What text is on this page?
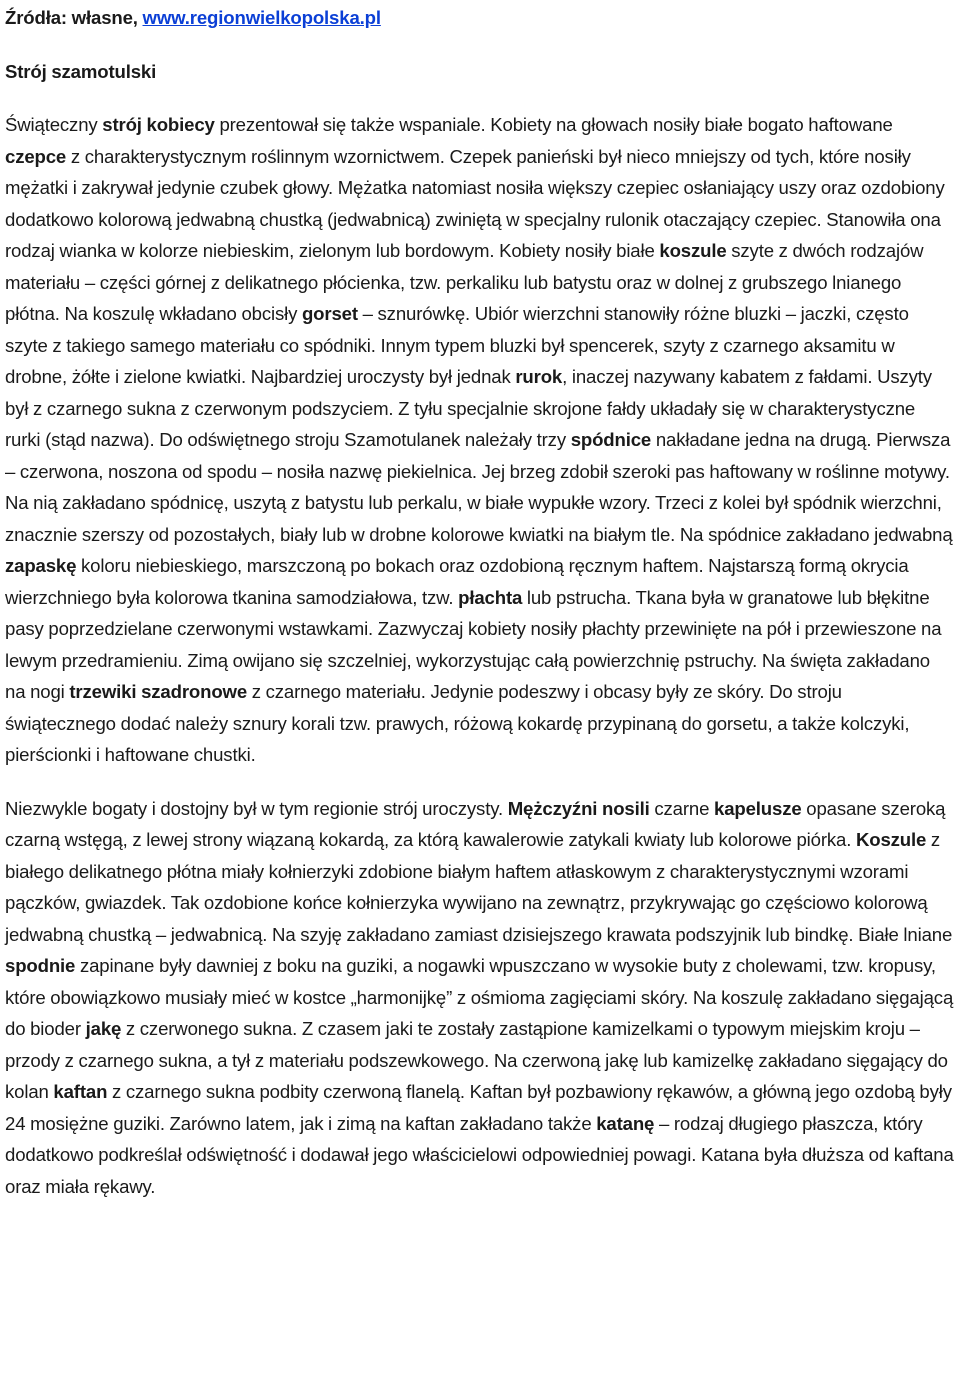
Źródła: własne, www.regionwielkopolska.pl

Strój szamotulski

Świąteczny strój kobiecy prezentował się także wspaniale. Kobiety na głowach nosiły białe bogato haftowane czepce z charakterystycznym roślinnym wzornictwem. Czepek panieński był nieco mniejszy od tych, które nosiły mężatki i zakrywał jedynie czubek głowy. Mężatka natomiast nosiła większy czepiec osłaniający uszy oraz ozdobiony dodatkowo kolorową jedwabną chustką (jedwabnicą) zwiniętą w specjalny rulonik otaczający czepiec. Stanowiła ona rodzaj wianka w kolorze niebieskim, zielonym lub bordowym. Kobiety nosiły białe koszule szyte z dwóch rodzajów materiału – części górnej z delikatnego płócienka, tzw. perkaliku lub batystu oraz w dolnej z grubszego lnianego płótna. Na koszulę wkładano obcisły gorset – sznurówkę. Ubiór wierzchni stanowiły różne bluzki – jaczki, często szyte z takiego samego materiału co spódniki. Innym typem bluzki był spencerek, szyty z czarnego aksamitu w drobne, żółte i zielone kwiatki. Najbardziej uroczysty był jednak rurok, inaczej nazywany kabatem z fałdami. Uszyty był z czarnego sukna z czerwonym podszyciem. Z tyłu specjalnie skrojone fałdy układały się w charakterystyczne rurki (stąd nazwa). Do odświętnego stroju Szamotulanek należały trzy spódnice nakładane jedna na drugą. Pierwsza – czerwona, noszona od spodu – nosiła nazwę piekielnica. Jej brzeg zdobił szeroki pas haftowany w roślinne motywy. Na nią zakładano spódnicę, uszytą z batystu lub perkalu, w białe wypukłe wzory. Trzeci z kolei był spódnik wierzchni, znacznie szerszy od pozostałych, biały lub w drobne kolorowe kwiatki na białym tle. Na spódnice zakładano jedwabną zapaskę koloru niebieskiego, marszczoną po bokach oraz ozdobioną ręcznym haftem. Najstarszą formą okrycia wierzchniego była kolorowa tkanina samodziałowa, tzw. płachta lub pstrucha. Tkana była w granatowe lub błękitne pasy poprzedzielane czerwonymi wstawkami. Zazwyczaj kobiety nosiły płachty przewinięte na pół i przewieszone na lewym przedramieniu. Zimą owijano się szczelniej, wykorzystując całą powierzchnię pstruchy. Na święta zakładano na nogi trzewiki szadronowe z czarnego materiału. Jedynie podeszwy i obcasy były ze skóry. Do stroju świątecznego dodać należy sznury korali tzw. prawych, różową kokardę przypinaną do gorsetu, a także kolczyki, pierścionki i haftowane chustki.

Niezwykle bogaty i dostojny był w tym regionie strój uroczysty. Mężczyźni nosili czarne kapelusze opasane szeroką czarną wstęgą, z lewej strony wiązaną kokardą, za którą kawalerowie zatykali kwiaty lub kolorowe piórka. Koszule z białego delikatnego płótna miały kołnierzyki zdobione białym haftem atłaskowym z charakterystycznymi wzorami pączków, gwiazdek. Tak ozdobione końce kołnierzyka wywijano na zewnątrz, przykrywając go częściowo kolorową jedwabną chustką – jedwabnicą. Na szyję zakładano zamiast dzisiejszego krawata podszyjnik lub bindkę. Białe lniane spodnie zapinane były dawniej z boku na guziki, a nogawki wpuszczano w wysokie buty z cholewami, tzw. kropusy, które obowiązkowo musiały mieć w kostce „harmonijkę” z ośmioma zagięciami skóry. Na koszulę zakładano sięgającą do bioder jakę z czerwonego sukna. Z czasem jaki te zostały zastąpione kamizelkami o typowym miejskim kroju – przody z czarnego sukna, a tył z materiału podszewkowego. Na czerwoną jakę lub kamizelkę zakładano sięgający do kolan kaftan z czarnego sukna podbity czerwoną flanelą. Kaftan był pozbawiony rękawów, a główną jego ozdobą były 24 mosiężne guziki. Zarówno latem, jak i zimą na kaftan zakładano także katanę – rodzaj długiego płaszcza, który dodatkowo podkreślał odświętność i dodawał jego właścicielowi odpowiedniej powagi. Katana była dłuższa od kaftana oraz miała rękawy.
